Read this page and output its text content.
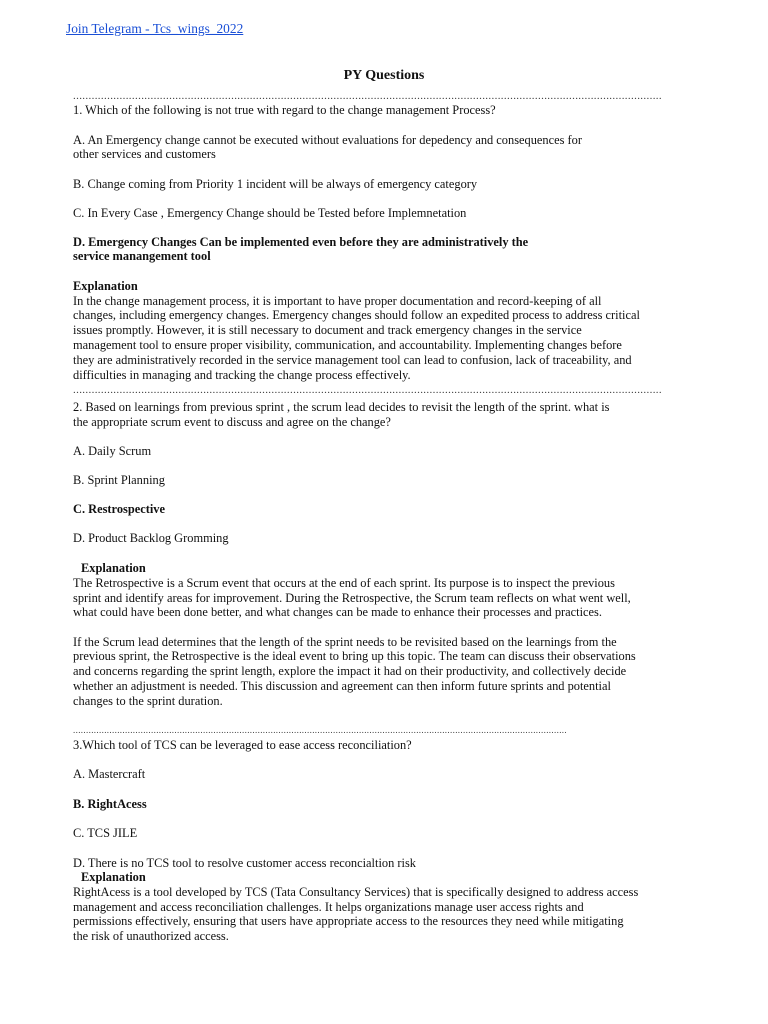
Join Telegram - Tcs_wings_2022
PY Questions
..............................................................................................................................................................................................
1. Which of the following is not true with regard to the change management Process?
A. An Emergency change cannot be executed without evaluations for depedency and consequences for
other services and customers
B. Change coming from Priority 1 incident will be always of emergency category
C. In Every Case , Emergency Change should be Tested before Implemnetation
D. Emergency Changes Can be implemented even before they are administratively the
service manangement tool
Explanation
In the change management process, it is important to have proper documentation and record-keeping of all
changes, including emergency changes. Emergency changes should follow an expedited process to address critical
issues promptly. However, it is still necessary to document and track emergency changes in the service
management tool to ensure proper visibility, communication, and accountability. Implementing changes before
they are administratively recorded in the service management tool can lead to confusion, lack of traceability, and
difficulties in managing and tracking the change process effectively.
..............................................................................................................................................................................................
2. Based on learnings from previous sprint , the scrum lead decides to revisit the length of the sprint. what is
the appropriate scrum event to discuss and agree on the change?
A. Daily Scrum
B. Sprint Planning
C. Restrospective
D. Product Backlog Gromming
Explanation
The Retrospective is a Scrum event that occurs at the end of each sprint. Its purpose is to inspect the previous
sprint and identify areas for improvement. During the Retrospective, the Scrum team reflects on what went well,
what could have been done better, and what changes can be made to enhance their processes and practices.
If the Scrum lead determines that the length of the sprint needs to be revisited based on the learnings from the
previous sprint, the Retrospective is the ideal event to bring up this topic. The team can discuss their observations
and concerns regarding the sprint length, explore the impact it had on their productivity, and collectively decide
whether an adjustment is needed. This discussion and agreement can then inform future sprints and potential
changes to the sprint duration.
..............................................................................................................................................................................................
3.Which tool of TCS can be leveraged to ease access reconciliation?
A. Mastercraft
B. RightAcess
C. TCS JILE
D. There is no TCS tool to resolve customer access reconcialtion risk
Explanation
RightAcess is a tool developed by TCS (Tata Consultancy Services) that is specifically designed to address access
management and access reconciliation challenges. It helps organizations manage user access rights and
permissions effectively, ensuring that users have appropriate access to the resources they need while mitigating
the risk of unauthorized access.
